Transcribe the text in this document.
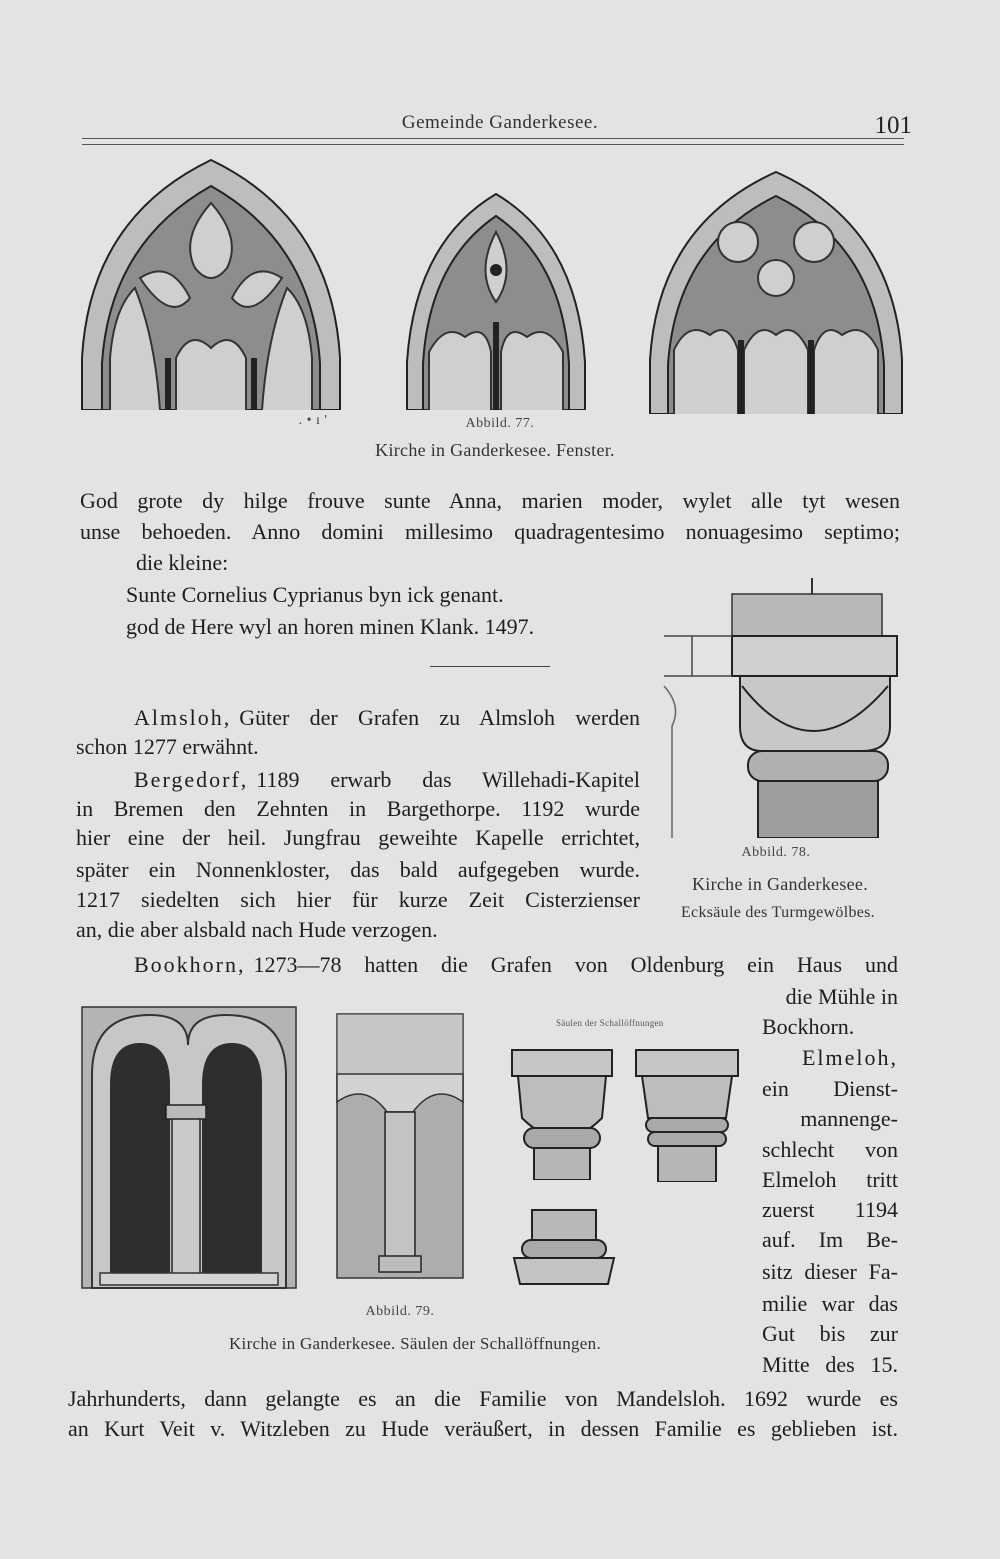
Gemeinde Ganderkesee.	101
. • ı '	Abbild. 77.
Kirche in Ganderkesee. Fenster.
God grote dy hilge frouve sunte Anna, marien moder, wylet alle tyt wesen
unse behoeden. Anno domini millesimo quadragentesimo nonuagesimo septimo;
die kleine:
Sunte Cornelius Cyprianus byn ick genant.
god de Here wyl an horen minen Klank. 1497.
Abbild. 78.
Kirche in Ganderkesee.
Ecksäule des Turmgewölbes.
Almsloh, Güter der Grafen zu Almsloh werden
schon 1277 erwähnt.
Bergedorf, 1189 erwarb das Willehadi-Kapitel
in Bremen den Zehnten in Bargethorpe. 1192 wurde
hier eine der heil. Jungfrau geweihte Kapelle errichtet,
später ein Nonnenkloster, das bald aufgegeben wurde.
1217 siedelten sich hier für kurze Zeit Cisterzienser
an, die aber alsbald nach Hude verzogen.
Bookhorn, 1273—78 hatten die Grafen von Oldenburg ein Haus und
die Mühle in
Bockhorn.
Säulen der Schallöffnungen
Abbild. 79.
Kirche in Ganderkesee. Säulen der Schallöffnungen.
Elmeloh,
ein Dienst-
mannenge-
schlecht von
Elmeloh tritt
zuerst 1194
auf. Im Be-
sitz dieser Fa-
milie war das
Gut bis zur
Mitte des 15.
Jahrhunderts, dann gelangte es an die Familie von Mandelsloh. 1692 wurde es
an Kurt Veit v. Witzleben zu Hude veräußert, in dessen Familie es geblieben ist.
